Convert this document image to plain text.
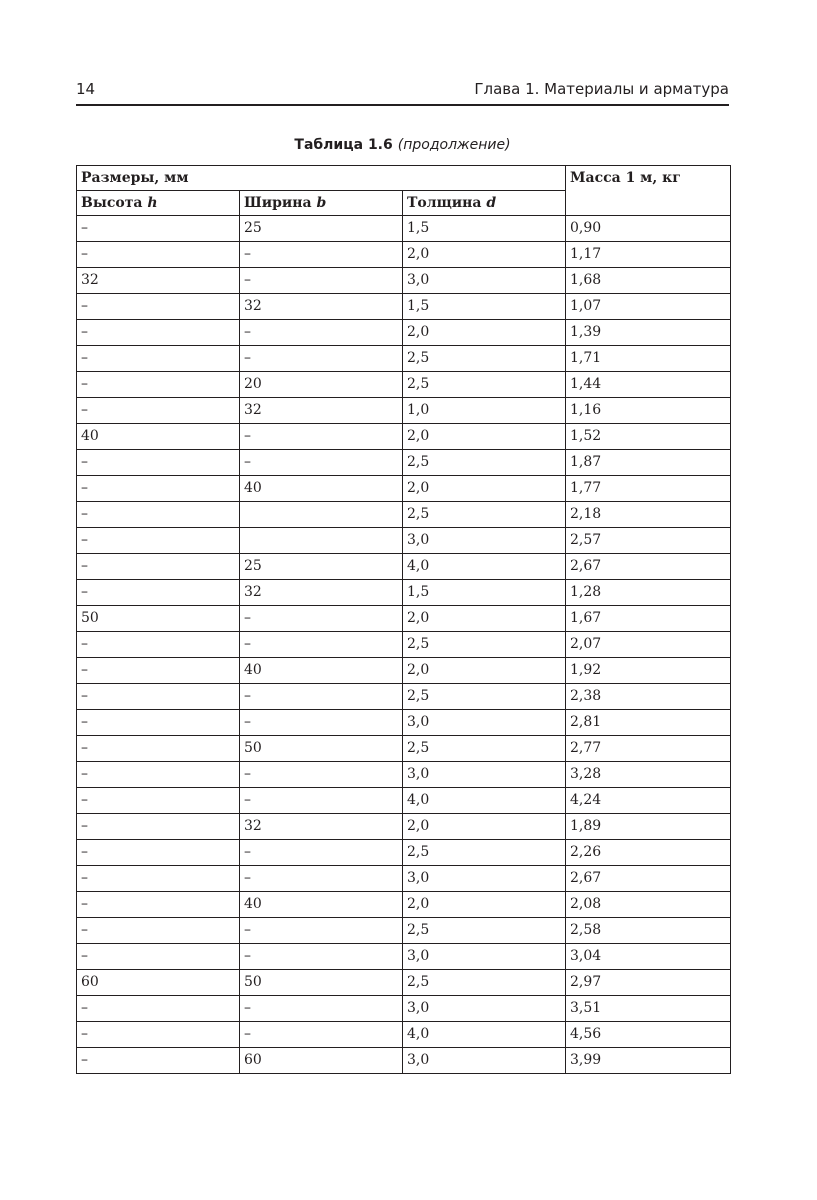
14	Глава 1. Материалы и арматура
Таблица 1.6 (продолжение)
Размеры, мм			Масса 1 м, кг
Высота h	Ширина b	Толщина d	
–	25	1,5	0,90
–	–	2,0	1,17
32	–	3,0	1,68
–	32	1,5	1,07
–	–	2,0	1,39
–	–	2,5	1,71
–	20	2,5	1,44
–	32	1,0	1,16
40	–	2,0	1,52
–	–	2,5	1,87
–	40	2,0	1,77
–		2,5	2,18
–		3,0	2,57
–	25	4,0	2,67
–	32	1,5	1,28
50	–	2,0	1,67
–	–	2,5	2,07
–	40	2,0	1,92
–	–	2,5	2,38
–	–	3,0	2,81
–	50	2,5	2,77
–	–	3,0	3,28
–	–	4,0	4,24
–	32	2,0	1,89
–	–	2,5	2,26
–	–	3,0	2,67
–	40	2,0	2,08
–	–	2,5	2,58
–	–	3,0	3,04
60	50	2,5	2,97
–	–	3,0	3,51
–	–	4,0	4,56
–	60	3,0	3,99
